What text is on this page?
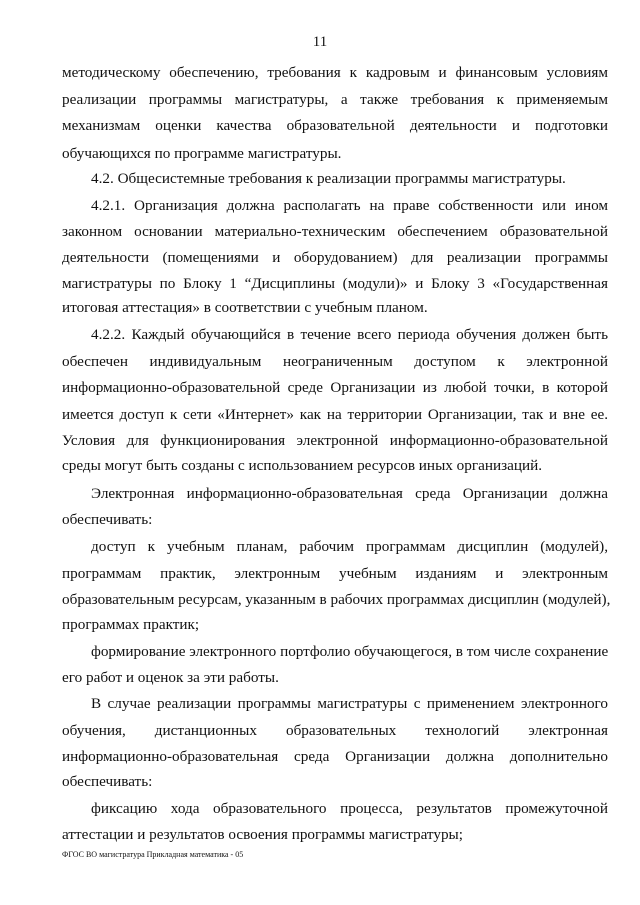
11
методическому обеспечению, требования к кадровым и финансовым условиям
реализации программы магистратуры, а также требования к применяемым
механизмам оценки качества образовательной деятельности и подготовки
обучающихся по программе магистратуры.
4.2. Общесистемные требования к реализации программы магистратуры.
4.2.1. Организация должна располагать на праве собственности или ином
законном основании материально-техническим обеспечением образовательной
деятельности (помещениями и оборудованием) для реализации программы
магистратуры по Блоку 1 “Дисциплины (модули)» и Блоку 3 «Государственная
итоговая аттестация» в соответствии с учебным планом.
4.2.2. Каждый обучающийся в течение всего периода обучения должен быть
обеспечен индивидуальным неограниченным доступом к электронной
информационно-образовательной среде Организации из любой точки, в которой
имеется доступ к сети «Интернет» как на территории Организации, так и вне ее.
Условия для функционирования электронной информационно-образовательной
среды могут быть созданы с использованием ресурсов иных организаций.
Электронная информационно-образовательная среда Организации должна
обеспечивать:
доступ к учебным планам, рабочим программам дисциплин (модулей),
программам практик, электронным учебным изданиям и электронным
образовательным ресурсам, указанным в рабочих программах дисциплин (модулей),
программах практик;
формирование электронного портфолио обучающегося, в том числе сохранение
его работ и оценок за эти работы.
В случае реализации программы магистратуры с применением электронного
обучения, дистанционных образовательных технологий электронная
информационно-образовательная среда Организации должна дополнительно
обеспечивать:
фиксацию хода образовательного процесса, результатов промежуточной
аттестации и результатов освоения программы магистратуры;
ФГОС ВО магистратура Прикладная математика - 05
